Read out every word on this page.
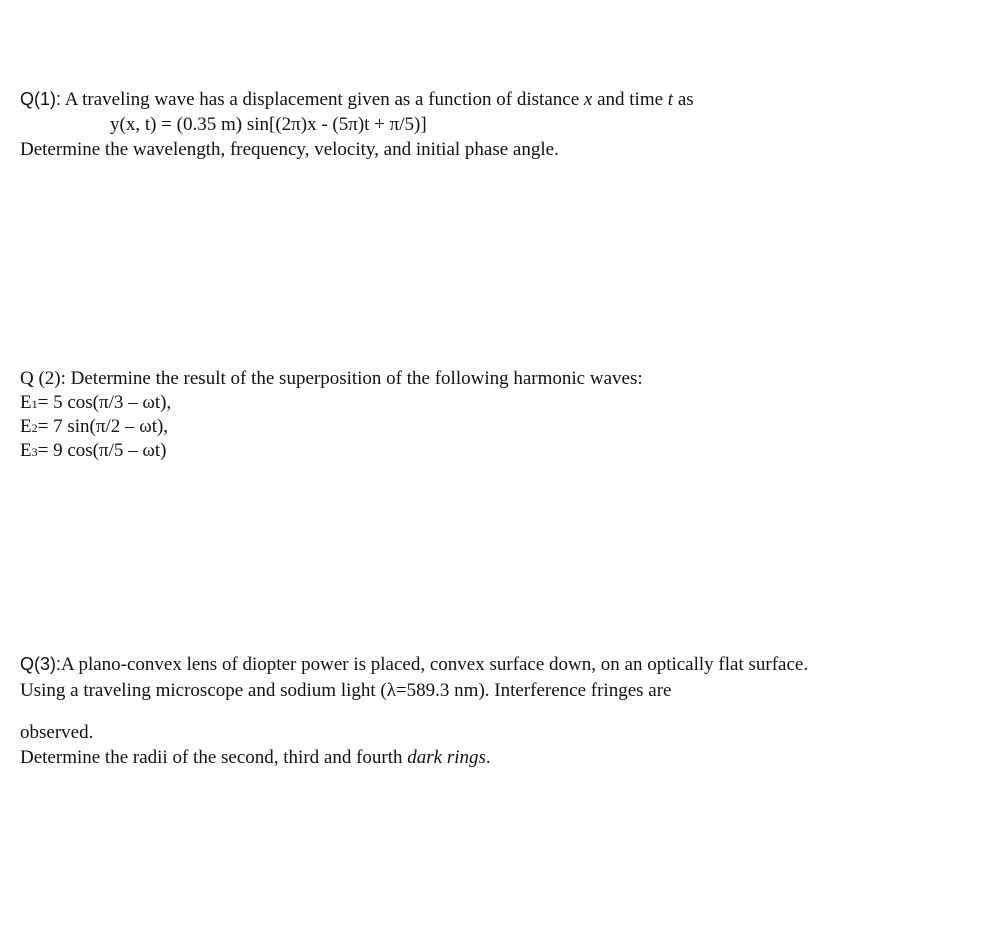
Q(1): A traveling wave has a displacement given as a function of distance x and time t as
y(x, t) = (0.35 m) sin[(2π)x - (5π)t + π/5)]
Determine the wavelength, frequency, velocity, and initial phase angle.
Q (2): Determine the result of the superposition of the following harmonic waves:
E1= 5 cos(π/3 – ωt),
E2= 7 sin(π/2 – ωt),
E3= 9 cos(π/5 – ωt)
Q(3):A plano-convex lens of diopter power is placed, convex surface down, on an optically flat surface.
Using a traveling microscope and sodium light (λ=589.3 nm). Interference fringes are
observed.
Determine the radii of the second, third and fourth dark rings.
